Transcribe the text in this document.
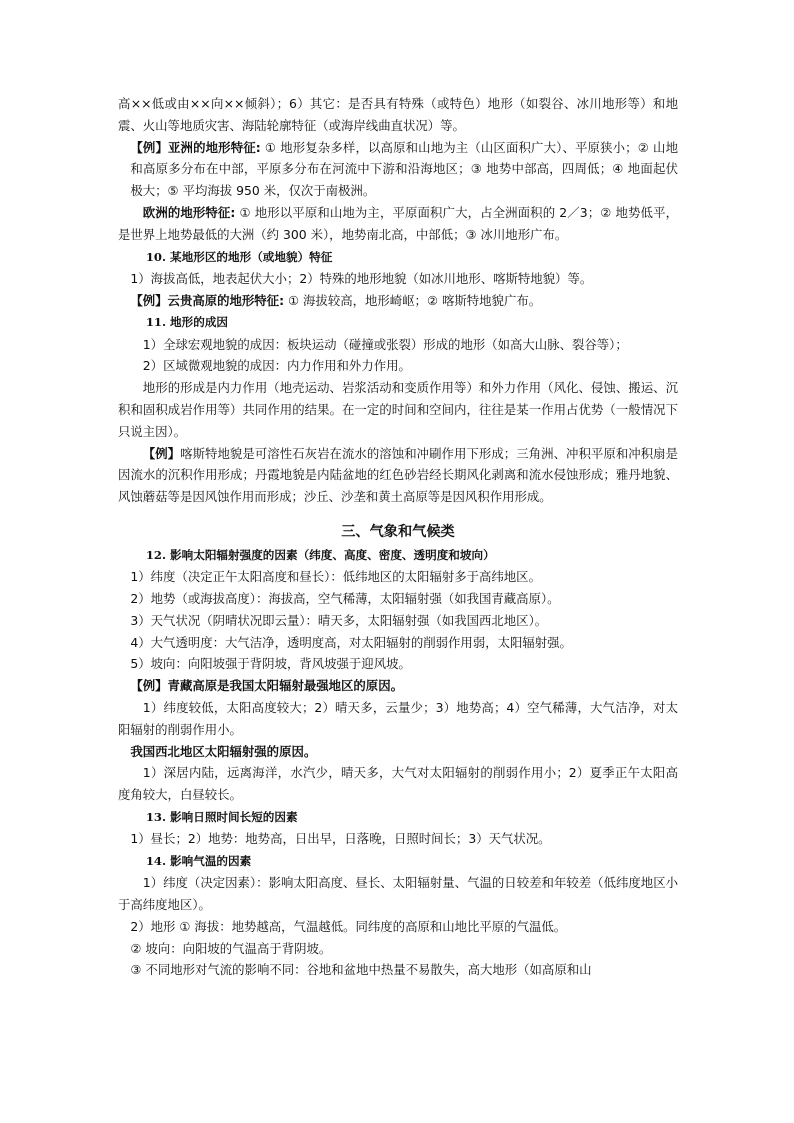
高××低或由××向××倾斜）；6）其它：是否具有特殊（或特色）地形（如裂谷、冰川地形等）和地震、火山等地质灾害、海陆轮廓特征（或海岸线曲直状况）等。

【例】亚洲的地形特征: ① 地形复杂多样，以高原和山地为主（山区面积广大）、平原狭小；② 山地和高原多分布在中部，平原多分布在河流中下游和沿海地区；③ 地势中部高，四周低；④ 地面起伏极大；⑤ 平均海拔 950 米，仅次于南极洲。

欧洲的地形特征: ① 地形以平原和山地为主，平原面积广大，占全洲面积的 2／3；② 地势低平，是世界上地势最低的大洲（约 300 米），地势南北高，中部低；③ 冰川地形广布。

10. 某地形区的地形（或地貌）特征

1）海拔高低，地表起伏大小；2）特殊的地形地貌（如冰川地形、喀斯特地貌）等。

【例】云贵高原的地形特征: ① 海拔较高，地形崎岖；② 喀斯特地貌广布。

11. 地形的成因

1）全球宏观地貌的成因：板块运动（碰撞或张裂）形成的地形（如高大山脉、裂谷等）；

2）区域微观地貌的成因：内力作用和外力作用。

地形的形成是内力作用（地壳运动、岩浆活动和变质作用等）和外力作用（风化、侵蚀、搬运、沉积和固积成岩作用等）共同作用的结果。在一定的时间和空间内，往往是某一作用占优势（一般情况下只说主因）。

【例】喀斯特地貌是可溶性石灰岩在流水的溶蚀和冲刷作用下形成；三角洲、冲积平原和冲积扇是因流水的沉积作用形成；丹霞地貌是内陆盆地的红色砂岩经长期风化剥离和流水侵蚀形成；雅丹地貌、风蚀蘑菇等是因风蚀作用而形成；沙丘、沙垄和黄土高原等是因风积作用形成。

三、气象和气候类

12. 影响太阳辐射强度的因素（纬度、高度、密度、透明度和坡向）

1）纬度（决定正午太阳高度和昼长）：低纬地区的太阳辐射多于高纬地区。

2）地势（或海拔高度）：海拔高，空气稀薄，太阳辐射强（如我国青藏高原）。

3）天气状况（阴晴状况即云量）：晴天多，太阳辐射强（如我国西北地区）。

4）大气透明度：大气洁净，透明度高，对太阳辐射的削弱作用弱，太阳辐射强。

5）坡向：向阳坡强于背阴坡，背风坡强于迎风坡。

【例】青藏高原是我国太阳辐射最强地区的原因。

1）纬度较低，太阳高度较大；2）晴天多，云量少；3）地势高；4）空气稀薄，大气洁净，对太阳辐射的削弱作用小。

我国西北地区太阳辐射强的原因。

1）深居内陆，远离海洋，水汽少，晴天多，大气对太阳辐射的削弱作用小；2）夏季正午太阳高度角较大，白昼较长。

13. 影响日照时间长短的因素

1）昼长；2）地势：地势高，日出早，日落晚，日照时间长；3）天气状况。

14. 影响气温的因素

1）纬度（决定因素）：影响太阳高度、昼长、太阳辐射量、气温的日较差和年较差（低纬度地区小于高纬度地区）。

2）地形 ① 海拔：地势越高，气温越低。同纬度的高原和山地比平原的气温低。

② 坡向：向阳坡的气温高于背阴坡。

③ 不同地形对气流的影响不同：谷地和盆地中热量不易散失，高大地形（如高原和山
